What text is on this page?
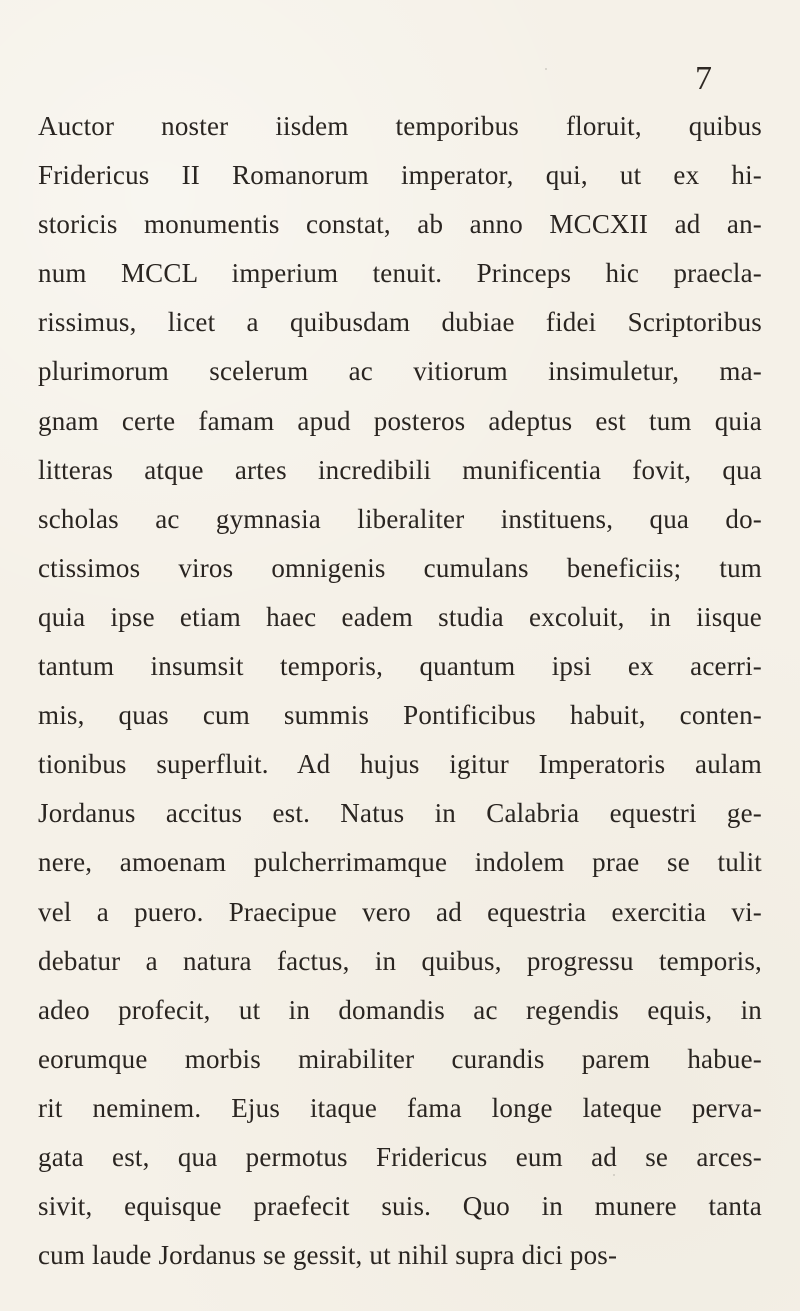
7
Auctor noster iisdem temporibus floruit, quibus
Fridericus II Romanorum imperator, qui, ut ex hi-
storicis monumentis constat, ab anno MCCXII ad an-
num MCCL imperium tenuit. Princeps hic praecla-
rissimus, licet a quibusdam dubiae fidei Scriptoribus
plurimorum scelerum ac vitiorum insimuletur, ma-
gnam certe famam apud posteros adeptus est tum quia
litteras atque artes incredibili munificentia fovit, qua
scholas ac gymnasia liberaliter instituens, qua do-
ctissimos viros omnigenis cumulans beneficiis; tum
quia ipse etiam haec eadem studia excoluit, in iisque
tantum insumsit temporis, quantum ipsi ex acerri-
mis, quas cum summis Pontificibus habuit, conten-
tionibus superfluit. Ad hujus igitur Imperatoris aulam
Jordanus accitus est. Natus in Calabria equestri ge-
nere, amoenam pulcherrimamque indolem prae se tulit
vel a puero. Praecipue vero ad equestria exercitia vi-
debatur a natura factus, in quibus, progressu temporis,
adeo profecit, ut in domandis ac regendis equis, in
eorumque morbis mirabiliter curandis parem habue-
rit neminem. Ejus itaque fama longe lateque perva-
gata est, qua permotus Fridericus eum ad se arces-
sivit, equisque praefecit suis. Quo in munere tanta
cum laude Jordanus se gessit, ut nihil supra dici pos-
